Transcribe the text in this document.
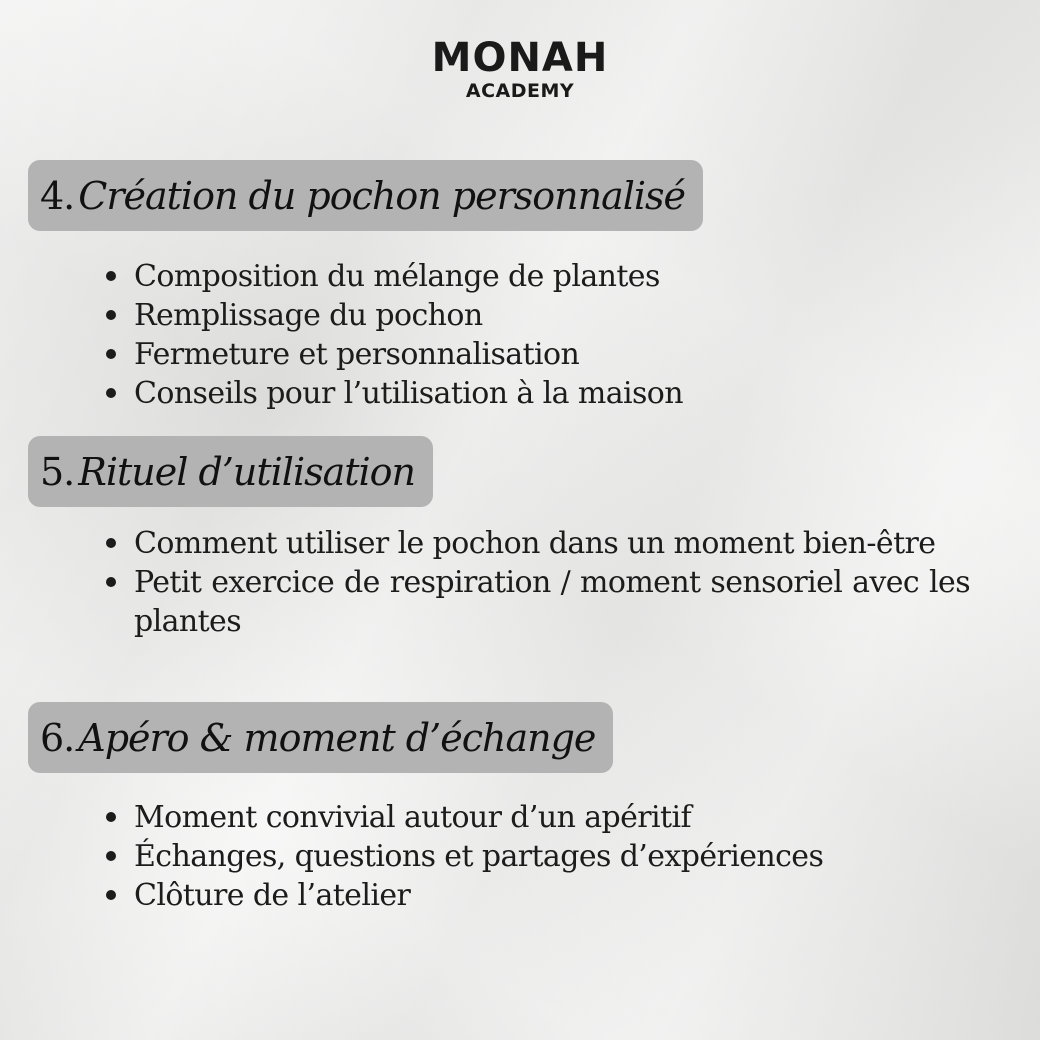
MONAH
ACADEMY
4. Création du pochon personnalisé
Composition du mélange de plantes
Remplissage du pochon
Fermeture et personnalisation
Conseils pour l’utilisation à la maison
5. Rituel d’utilisation
Comment utiliser le pochon dans un moment bien-être
Petit exercice de respiration / moment sensoriel avec les plantes
6. Apéro & moment d’échange
Moment convivial autour d’un apéritif
Échanges, questions et partages d’expériences
Clôture de l’atelier
